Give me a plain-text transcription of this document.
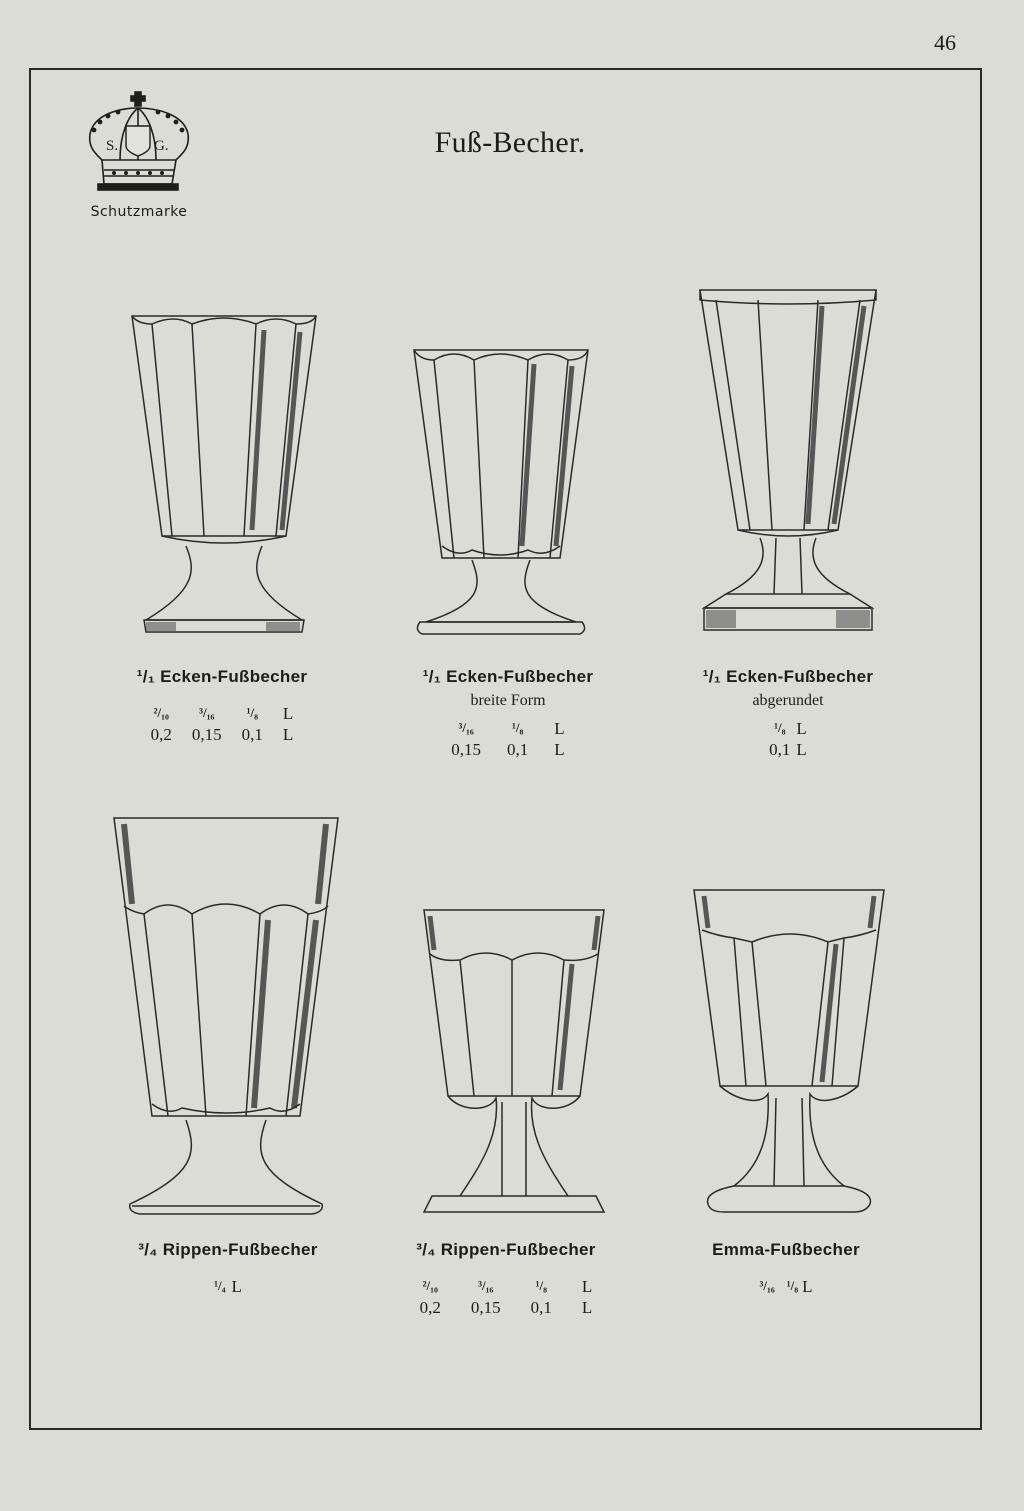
46
S. G.
Schutzmarke
Fuß-Becher.
¹/₁ Ecken-Fußbecher
²/₁₀
0,2
³/₁₆
0,15
¹/₈
0,1
L
L
¹/₁ Ecken-Fußbecher
breite Form
³/₁₆
0,15
¹/₈
0,1
L
L
¹/₁ Ecken-Fußbecher
abgerundet
¹/₈
0,1
L
L
³/₄ Rippen-Fußbecher
¹/₄ L
³/₄ Rippen-Fußbecher
²/₁₀
0,2
³/₁₆
0,15
¹/₈
0,1
L
L
Emma-Fußbecher
³/₁₆ ¹/₈ L
